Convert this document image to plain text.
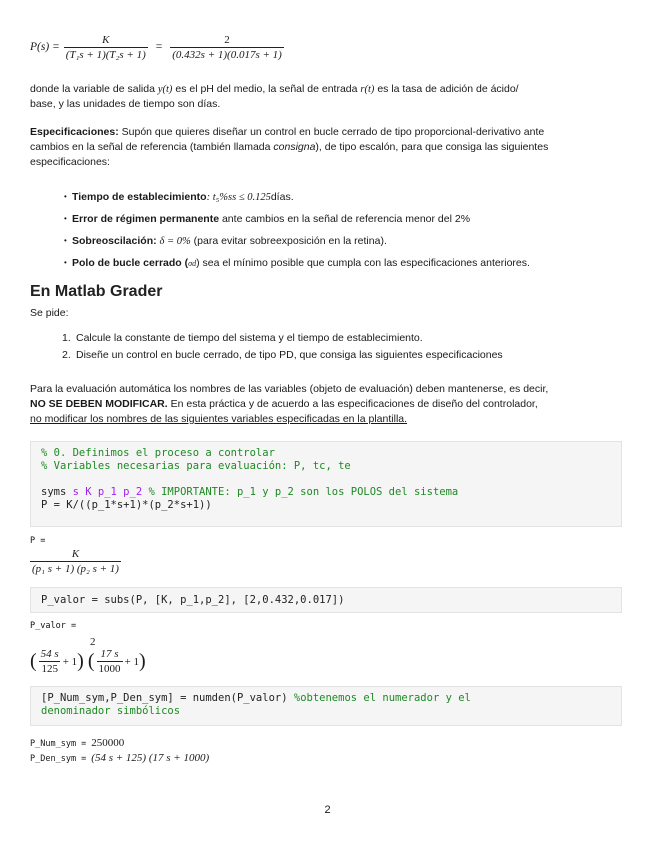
$P(s) = \frac{K}{\text{(T₁s + 1)(T₂s + 1)}} = \frac{2}{(0.432s + 1)(0.017s + 1)}$
donde la variable de salida y(t) es el pH del medio, la señal de entrada r(t) es la tasa de adición de ácido/
base, y las unidades de tiempo son días.
Especificaciones: Supón que quieres diseñar un control en bucle cerrado de tipo proporcional-derivativo ante
cambios en la señal de referencia (también llamada consigna), de tipo escalón, para que consiga las siguientes
especificaciones:
• Tiempo de establecimiento: t₅%ss ≤ 0.125días.
• Error de régimen permanente ante cambios en la señal de referencia menor del 2%
• Sobreoscilación: δ = 0% (para evitar sobreexposición en la retina).
• Polo de bucle cerrado (σd) sea el mínimo posible que cumpla con las especificaciones anteriores.
En Matlab Grader
Se pide:
1. Calcule la constante de tiempo del sistema y el tiempo de establecimiento.
2. Diseñe un control en bucle cerrado, de tipo PD, que consiga las siguientes especificaciones
Para la evaluación automática los nombres de las variables (objeto de evaluación) deben mantenerse, es decir,
NO SE DEBEN MODIFICAR. En esta práctica y de acuerdo a las especificaciones de diseño del controlador,
no modificar los nombres de las siguientes variables especificadas en la plantilla.
% 0. Definimos el proceso a controlar
% Variables necesarias para evaluación: P, tc, te

syms s K p_1 p_2 % IMPORTANTE: p_1 y p_2 son los POLOS del sistema
P = K/((p_1*s+1)*(p_2*s+1))
P =
$\frac{K}{\text{(p₁ s + 1) (p₂ s + 1)}}$
P_valor = subs(P, [K, p_1,p_2], [2,0.432,0.017])
P_valor =
2
( $\frac{54 s}{125} + 1$ ) ( $\frac{17 s}{1000} + 1$ )
[P_Num_sym,P_Den_sym] = numden(P_valor) %obtenemos el numerador y el
denominador simbólicos
P_Num_sym = 250000
P_Den_sym = (54 s + 125) (17 s + 1000)
2
